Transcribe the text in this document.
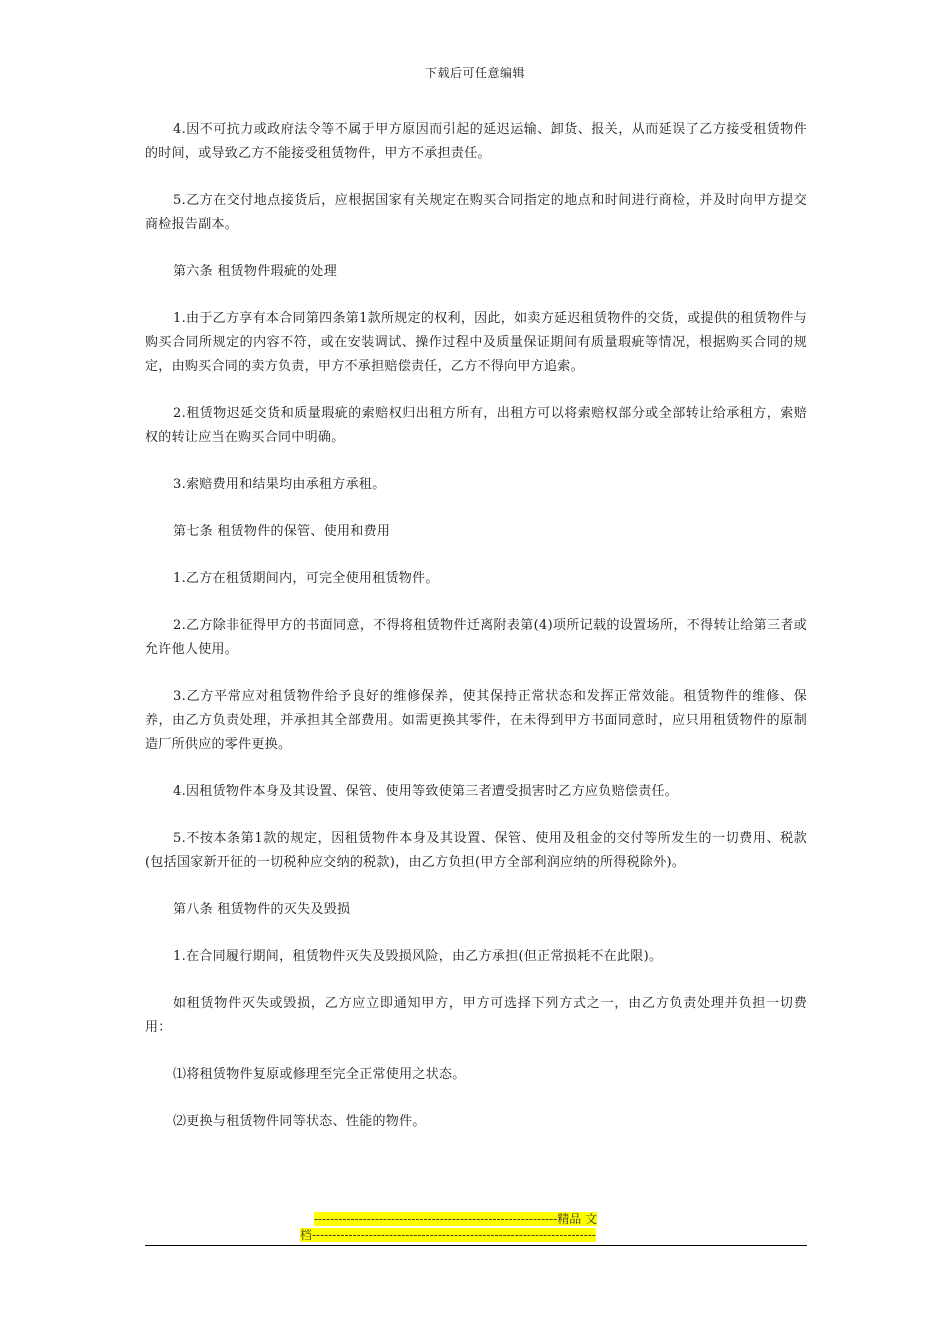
下载后可任意编辑

4.因不可抗力或政府法令等不属于甲方原因而引起的延迟运输、卸货、报关，从而延误了乙方接受租赁物件的时间，或导致乙方不能接受租赁物件，甲方不承担责任。

5.乙方在交付地点接货后，应根据国家有关规定在购买合同指定的地点和时间进行商检，并及时向甲方提交商检报告副本。

第六条 租赁物件瑕疵的处理

1.由于乙方享有本合同第四条第1款所规定的权利，因此，如卖方延迟租赁物件的交货，或提供的租赁物件与购买合同所规定的内容不符，或在安装调试、操作过程中及质量保证期间有质量瑕疵等情况，根据购买合同的规定，由购买合同的卖方负责，甲方不承担赔偿责任，乙方不得向甲方追索。

2.租赁物迟延交货和质量瑕疵的索赔权归出租方所有，出租方可以将索赔权部分或全部转让给承租方，索赔权的转让应当在购买合同中明确。

3.索赔费用和结果均由承租方承租。

第七条 租赁物件的保管、使用和费用

1.乙方在租赁期间内，可完全使用租赁物件。

2.乙方除非征得甲方的书面同意，不得将租赁物件迁离附表第(4)项所记载的设置场所，不得转让给第三者或允许他人使用。

3.乙方平常应对租赁物件给予良好的维修保养，使其保持正常状态和发挥正常效能。租赁物件的维修、保养，由乙方负责处理，并承担其全部费用。如需更换其零件，在未得到甲方书面同意时，应只用租赁物件的原制造厂所供应的零件更换。

4.因租赁物件本身及其设置、保管、使用等致使第三者遭受损害时乙方应负赔偿责任。

5.不按本条第1款的规定，因租赁物件本身及其设置、保管、使用及租金的交付等所发生的一切费用、税款(包括国家新开征的一切税种应交纳的税款)，由乙方负担(甲方全部利润应纳的所得税除外)。

第八条 租赁物件的灭失及毁损

1.在合同履行期间，租赁物件灭失及毁损风险，由乙方承担(但正常损耗不在此限)。

如租赁物件灭失或毁损，乙方应立即通知甲方，甲方可选择下列方式之一，由乙方负责处理并负担一切费用：

⑴将租赁物件复原或修理至完全正常使用之状态。

⑵更换与租赁物件同等状态、性能的物件。

------------------------------------------------------------精品 文
档----------------------------------------------------------------------
